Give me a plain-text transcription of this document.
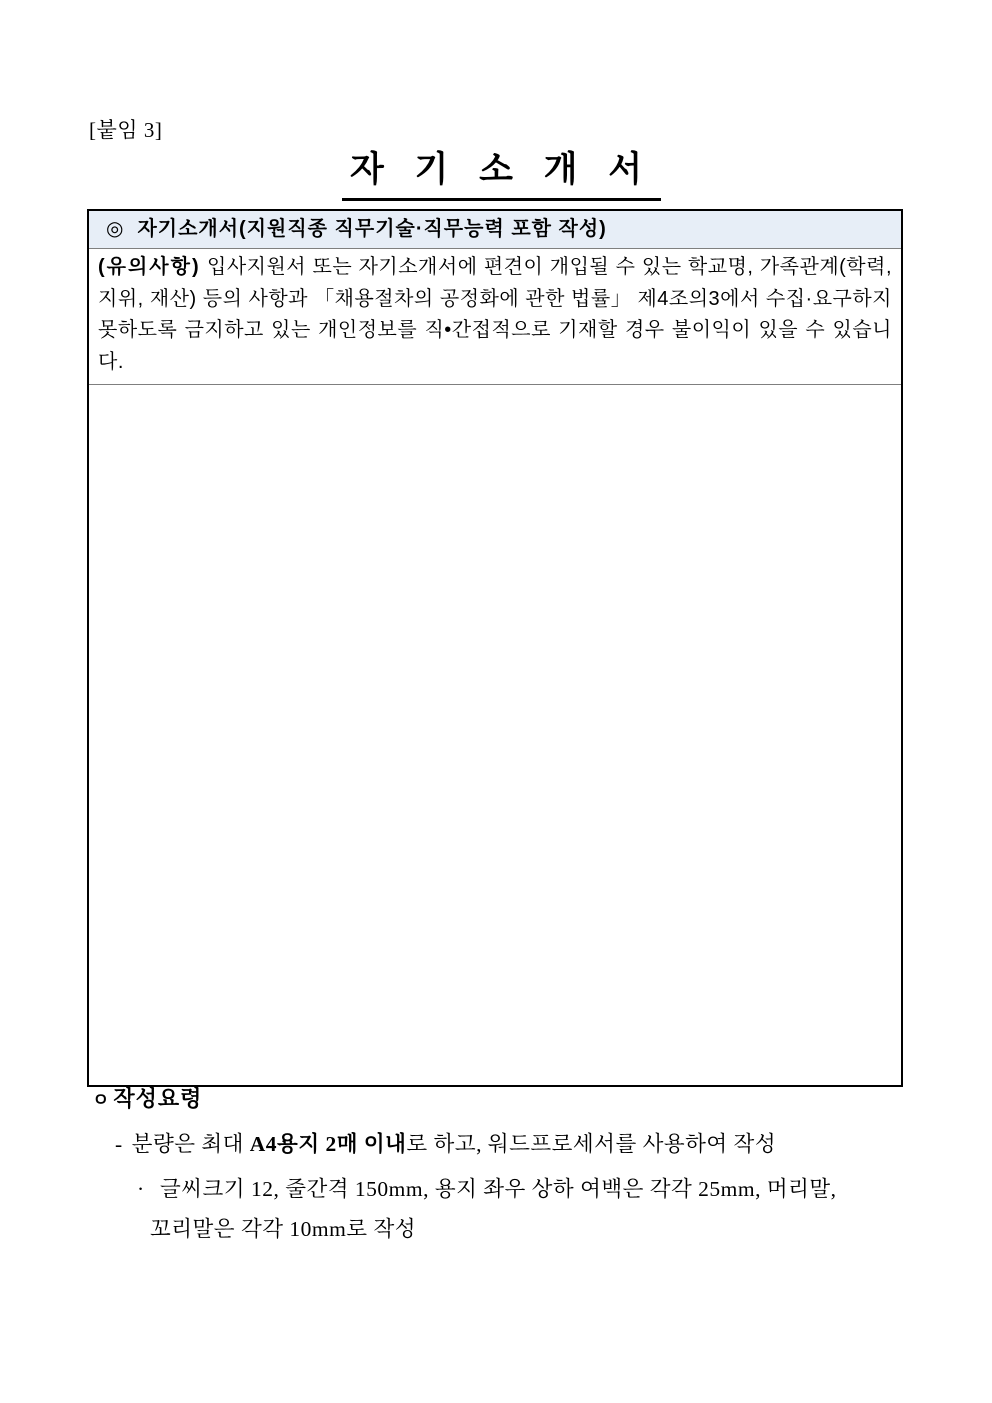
[붙임 3]
자 기 소 개 서
◎ 자기소개서(지원직종 직무기술·직무능력 포함 작성)
(유의사항) 입사지원서 또는 자기소개서에 편견이 개입될 수 있는 학교명, 가족관계(학력, 지위, 재산) 등의 사항과 「채용절차의 공정화에 관한 법률」 제4조의3에서 수집·요구하지 못하도록 금지하고 있는 개인정보를 직•간접적으로 기재할 경우 불이익이 있을 수 있습니다.
ㅇ 작성요령
- 분량은 최대 A4용지 2매 이내로 하고, 워드프로세서를 사용하여 작성
· 글씨크기 12, 줄간격 150mm, 용지 좌우 상하 여백은 각각 25mm, 머리말, 꼬리말은 각각 10mm로 작성
